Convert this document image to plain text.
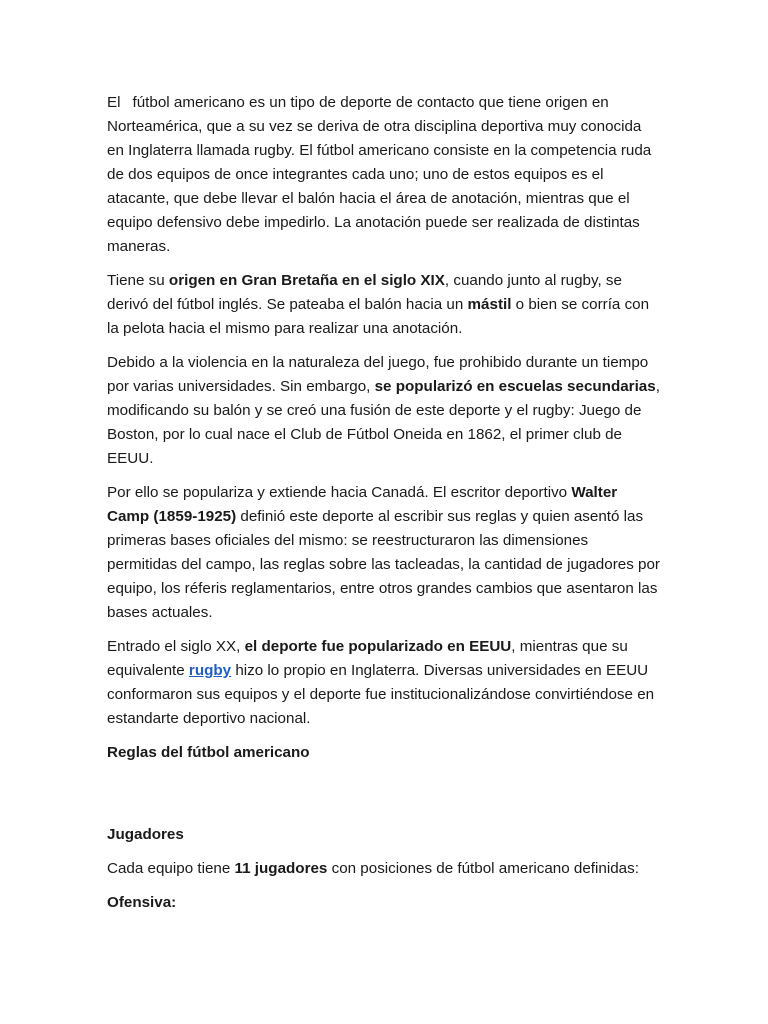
El fútbol americano es un tipo de deporte de contacto que tiene origen en Norteamérica, que a su vez se deriva de otra disciplina deportiva muy conocida en Inglaterra llamada rugby. El fútbol americano consiste en la competencia ruda de dos equipos de once integrantes cada uno; uno de estos equipos es el atacante, que debe llevar el balón hacia el área de anotación, mientras que el equipo defensivo debe impedirlo. La anotación puede ser realizada de distintas maneras.

Tiene su origen en Gran Bretaña en el siglo XIX, cuando junto al rugby, se derivó del fútbol inglés. Se pateaba el balón hacia un mástil o bien se corría con la pelota hacia el mismo para realizar una anotación.

Debido a la violencia en la naturaleza del juego, fue prohibido durante un tiempo por varias universidades. Sin embargo, se popularizó en escuelas secundarias, modificando su balón y se creó una fusión de este deporte y el rugby: Juego de Boston, por lo cual nace el Club de Fútbol Oneida en 1862, el primer club de EEUU.

Por ello se populariza y extiende hacia Canadá. El escritor deportivo Walter Camp (1859-1925) definió este deporte al escribir sus reglas y quien asentó las primeras bases oficiales del mismo: se reestructuraron las dimensiones permitidas del campo, las reglas sobre las tacleadas, la cantidad de jugadores por equipo, los réferis reglamentarios, entre otros grandes cambios que asentaron las bases actuales.

Entrado el siglo XX, el deporte fue popularizado en EEUU, mientras que su equivalente rugby hizo lo propio en Inglaterra. Diversas universidades en EEUU conformaron sus equipos y el deporte fue institucionalizándose convirtiéndose en estandarte deportivo nacional.

Reglas del fútbol americano

Jugadores

Cada equipo tiene 11 jugadores con posiciones de fútbol americano definidas:

Ofensiva:
